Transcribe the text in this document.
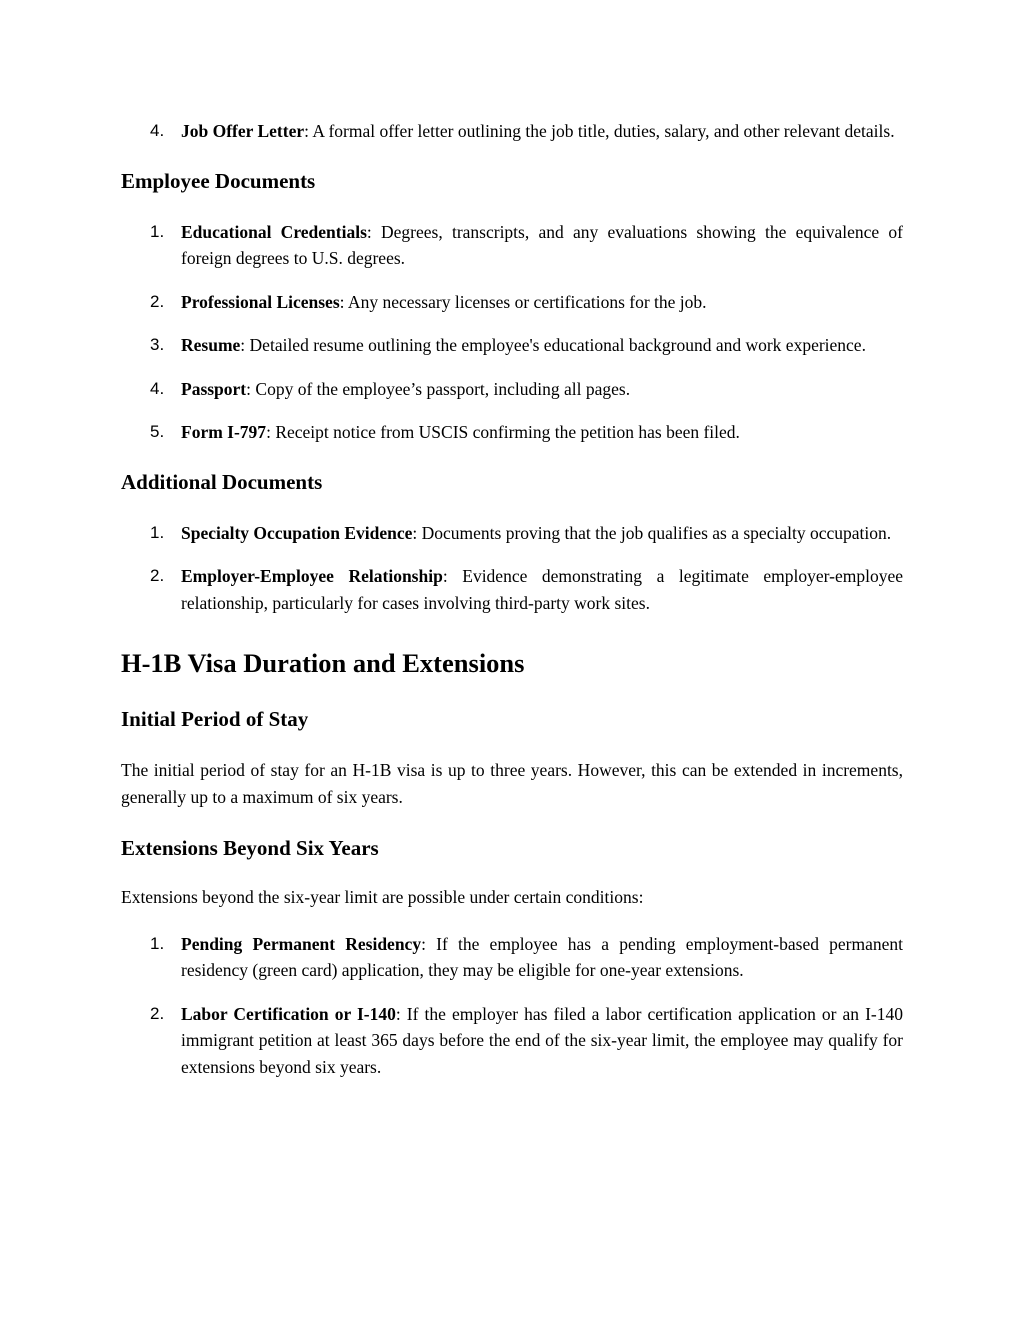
4. Job Offer Letter: A formal offer letter outlining the job title, duties, salary, and other relevant details.
Employee Documents
1. Educational Credentials: Degrees, transcripts, and any evaluations showing the equivalence of foreign degrees to U.S. degrees.
2. Professional Licenses: Any necessary licenses or certifications for the job.
3. Resume: Detailed resume outlining the employee's educational background and work experience.
4. Passport: Copy of the employee’s passport, including all pages.
5. Form I-797: Receipt notice from USCIS confirming the petition has been filed.
Additional Documents
1. Specialty Occupation Evidence: Documents proving that the job qualifies as a specialty occupation.
2. Employer-Employee Relationship: Evidence demonstrating a legitimate employer-employee relationship, particularly for cases involving third-party work sites.
H-1B Visa Duration and Extensions
Initial Period of Stay

The initial period of stay for an H-1B visa is up to three years. However, this can be extended in increments, generally up to a maximum of six years.

Extensions Beyond Six Years

Extensions beyond the six-year limit are possible under certain conditions:

1. Pending Permanent Residency: If the employee has a pending employment-based permanent residency (green card) application, they may be eligible for one-year extensions.
2. Labor Certification or I-140: If the employer has filed a labor certification application or an I-140 immigrant petition at least 365 days before the end of the six-year limit, the employee may qualify for extensions beyond six years.
